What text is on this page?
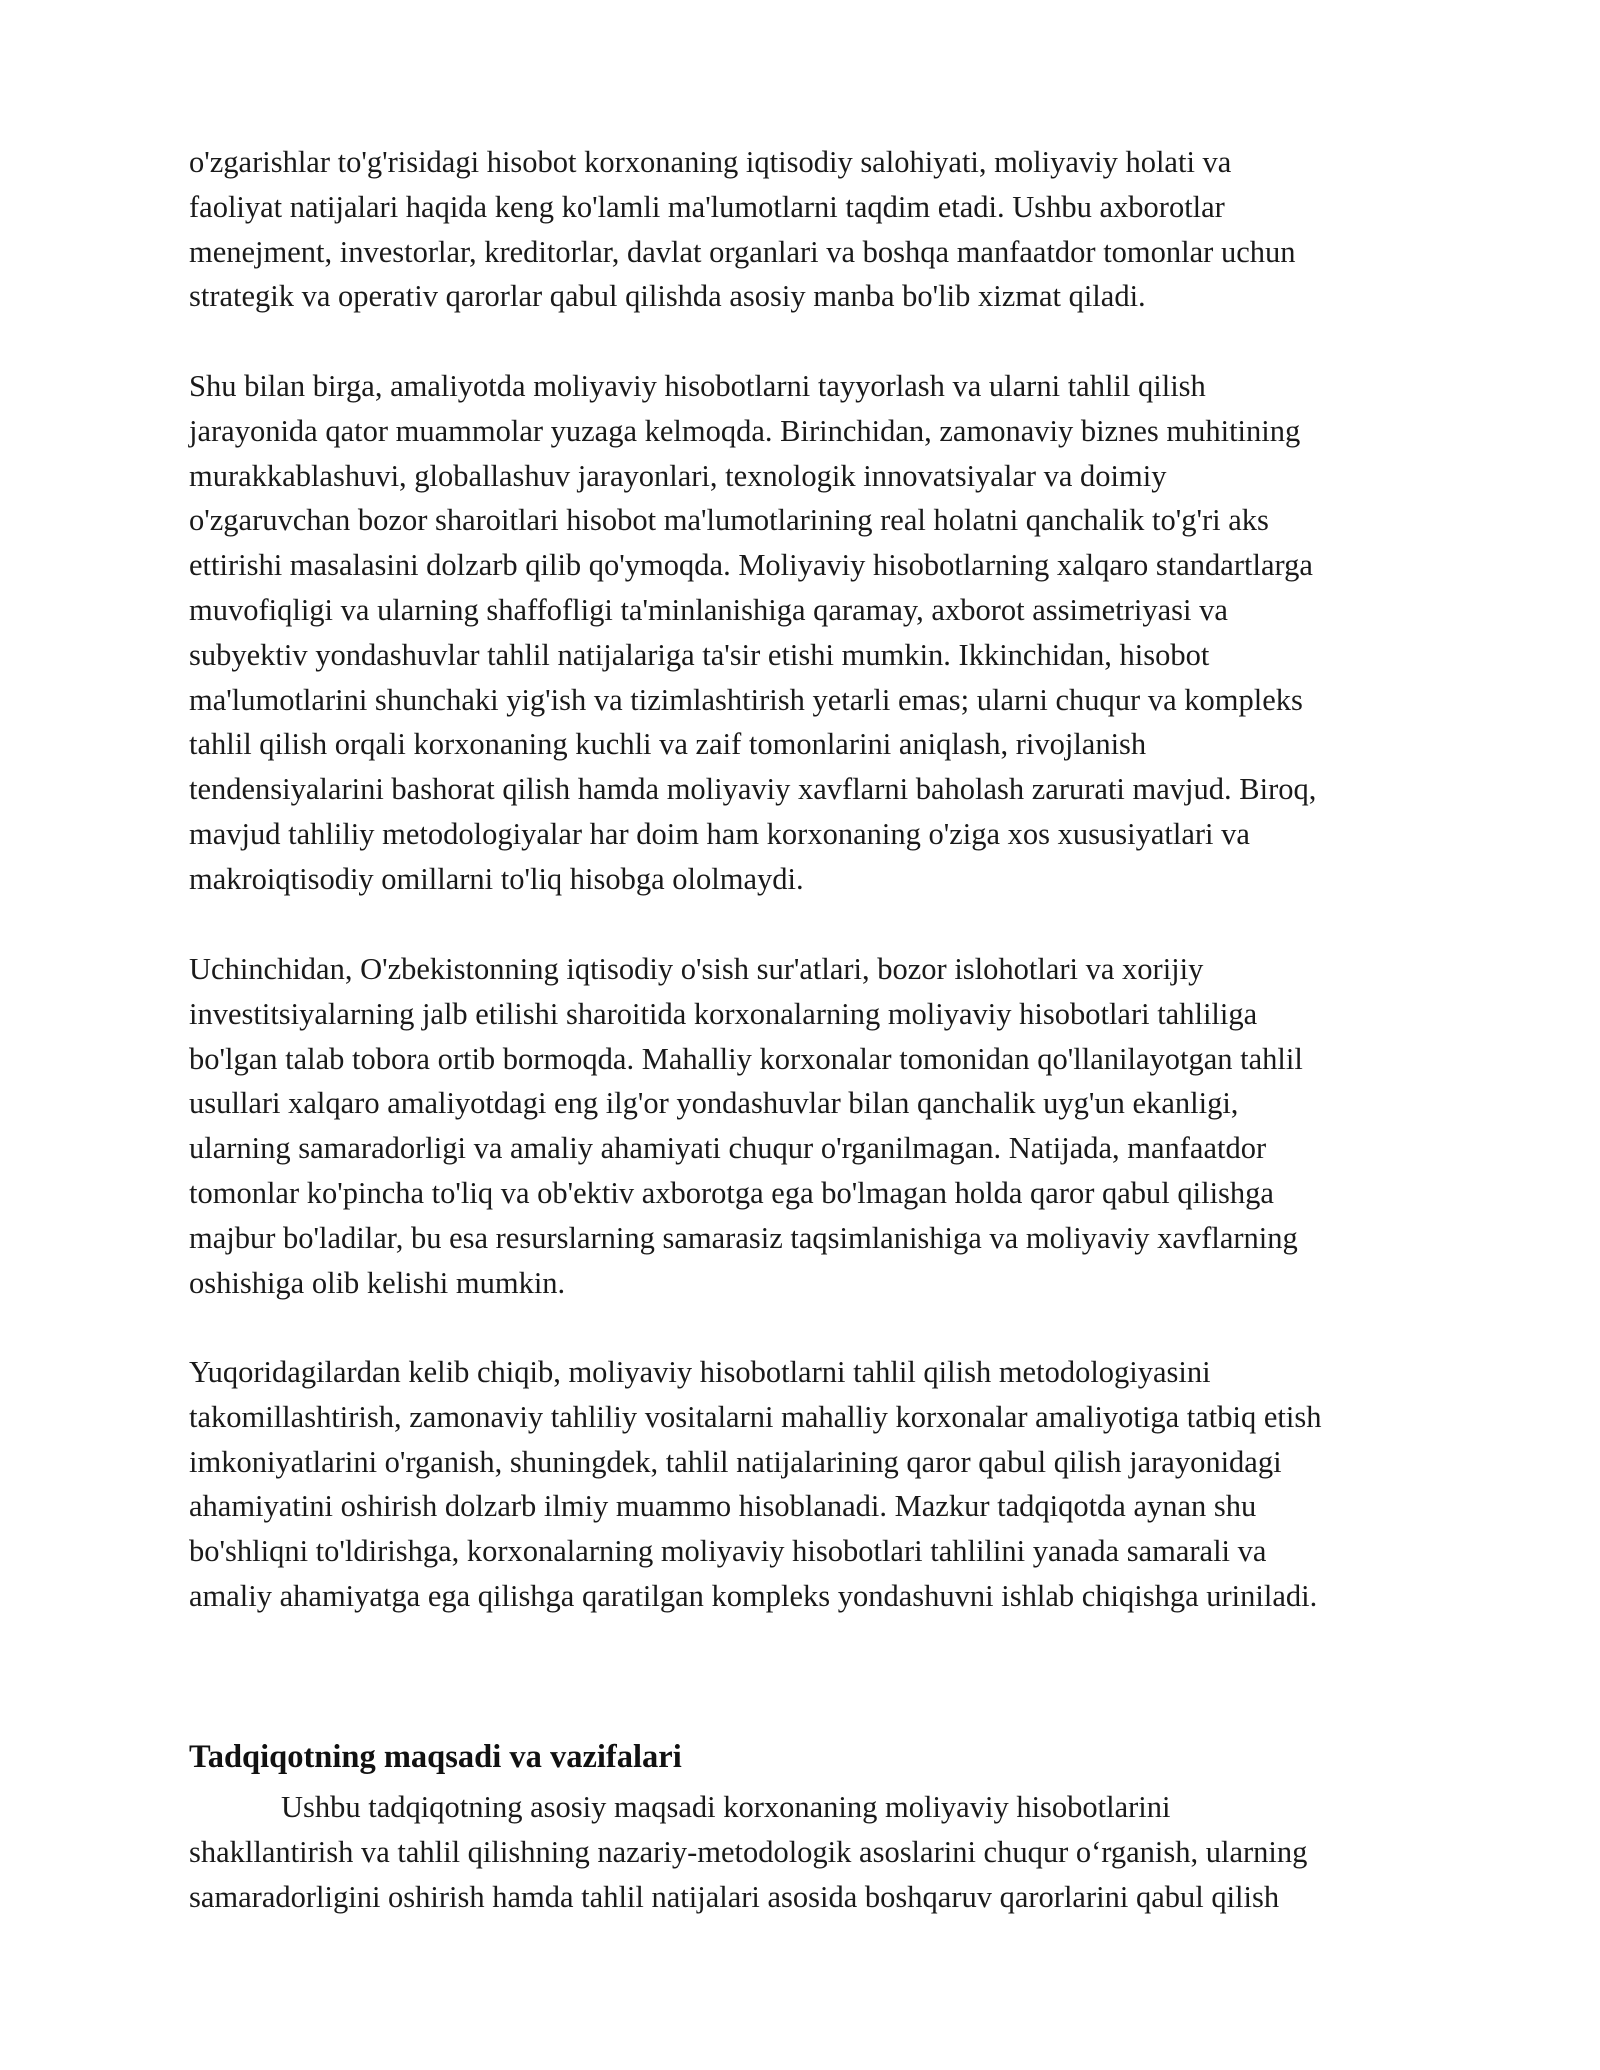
o'zgarishlar to'g'risidagi hisobot korxonaning iqtisodiy salohiyati, moliyaviy holati va
faoliyat natijalari haqida keng ko'lamli ma'lumotlarni taqdim etadi. Ushbu axborotlar
menejment, investorlar, kreditorlar, davlat organlari va boshqa manfaatdor tomonlar uchun
strategik va operativ qarorlar qabul qilishda asosiy manba bo'lib xizmat qiladi.
Shu bilan birga, amaliyotda moliyaviy hisobotlarni tayyorlash va ularni tahlil qilish
jarayonida qator muammolar yuzaga kelmoqda. Birinchidan, zamonaviy biznes muhitining
murakkablashuvi, globallashuv jarayonlari, texnologik innovatsiyalar va doimiy
o'zgaruvchan bozor sharoitlari hisobot ma'lumotlarining real holatni qanchalik to'g'ri aks
ettirishi masalasini dolzarb qilib qo'ymoqda. Moliyaviy hisobotlarning xalqaro standartlarga
muvofiqligi va ularning shaffofligi ta'minlanishiga qaramay, axborot assimetriyasi va
subyektiv yondashuvlar tahlil natijalariga ta'sir etishi mumkin. Ikkinchidan, hisobot
ma'lumotlarini shunchaki yig'ish va tizimlashtirish yetarli emas; ularni chuqur va kompleks
tahlil qilish orqali korxonaning kuchli va zaif tomonlarini aniqlash, rivojlanish
tendensiyalarini bashorat qilish hamda moliyaviy xavflarni baholash zarurati mavjud. Biroq,
mavjud tahliliy metodologiyalar har doim ham korxonaning o'ziga xos xususiyatlari va
makroiqtisodiy omillarni to'liq hisobga ololmaydi.
Uchinchidan, O'zbekistonning iqtisodiy o'sish sur'atlari, bozor islohotlari va xorijiy
investitsiyalarning jalb etilishi sharoitida korxonalarning moliyaviy hisobotlari tahliliga
bo'lgan talab tobora ortib bormoqda. Mahalliy korxonalar tomonidan qo'llanilayotgan tahlil
usullari xalqaro amaliyotdagi eng ilg'or yondashuvlar bilan qanchalik uyg'un ekanligi,
ularning samaradorligi va amaliy ahamiyati chuqur o'rganilmagan. Natijada, manfaatdor
tomonlar ko'pincha to'liq va ob'ektiv axborotga ega bo'lmagan holda qaror qabul qilishga
majbur bo'ladilar, bu esa resurslarning samarasiz taqsimlanishiga va moliyaviy xavflarning
oshishiga olib kelishi mumkin.
Yuqoridagilardan kelib chiqib, moliyaviy hisobotlarni tahlil qilish metodologiyasini
takomillashtirish, zamonaviy tahliliy vositalarni mahalliy korxonalar amaliyotiga tatbiq etish
imkoniyatlarini o'rganish, shuningdek, tahlil natijalarining qaror qabul qilish jarayonidagi
ahamiyatini oshirish dolzarb ilmiy muammo hisoblanadi. Mazkur tadqiqotda aynan shu
bo'shliqni to'ldirishga, korxonalarning moliyaviy hisobotlari tahlilini yanada samarali va
amaliy ahamiyatga ega qilishga qaratilgan kompleks yondashuvni ishlab chiqishga uriniladi.
Tadqiqotning maqsadi va vazifalari
Ushbu tadqiqotning asosiy maqsadi korxonaning moliyaviy hisobotlarini
shakllantirish va tahlil qilishning nazariy-metodologik asoslarini chuqur o‘rganish, ularning
samaradorligini oshirish hamda tahlil natijalari asosida boshqaruv qarorlarini qabul qilish
